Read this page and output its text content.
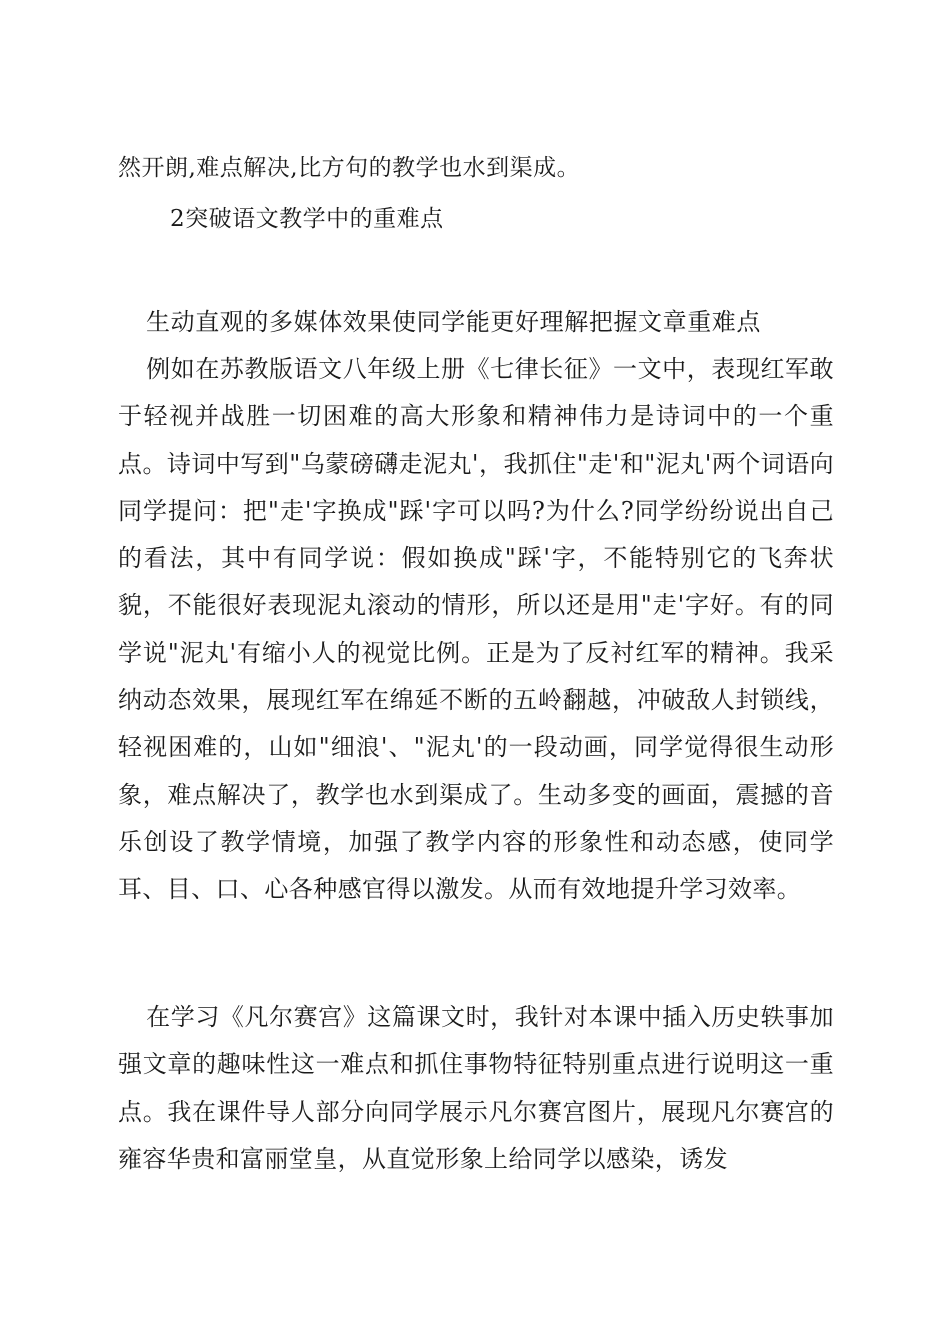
然开朗,难点解决,比方句的教学也水到渠成。
2突破语文教学中的重难点
生动直观的多媒体效果使同学能更好理解把握文章重难点
例如在苏教版语文八年级上册《七律长征》一文中，表现红军敢于轻视并战胜一切困难的高大形象和精神伟力是诗词中的一个重点。诗词中写到"乌蒙磅礴走泥丸'，我抓住"走'和"泥丸'两个词语向同学提问：把"走'字换成"踩'字可以吗?为什么?同学纷纷说出自己的看法，其中有同学说：假如换成"踩'字，不能特别它的飞奔状貌，不能很好表现泥丸滚动的情形，所以还是用"走'字好。有的同学说"泥丸'有缩小人的视觉比例。正是为了反衬红军的精神。我采纳动态效果，展现红军在绵延不断的五岭翻越，冲破敌人封锁线，轻视困难的，山如"细浪'、"泥丸'的一段动画，同学觉得很生动形象，难点解决了，教学也水到渠成了。生动多变的画面，震撼的音乐创设了教学情境，加强了教学内容的形象性和动态感，使同学耳、目、口、心各种感官得以激发。从而有效地提升学习效率。
在学习《凡尔赛宫》这篇课文时，我针对本课中插入历史轶事加强文章的趣味性这一难点和抓住事物特征特别重点进行说明这一重点。我在课件导人部分向同学展示凡尔赛宫图片，展现凡尔赛宫的雍容华贵和富丽堂皇，从直觉形象上给同学以感染，诱发
